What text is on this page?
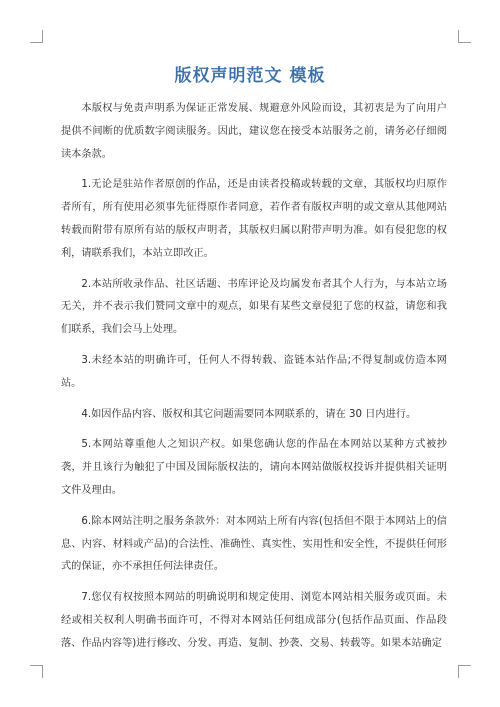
版权声明范文 模板

本版权与免责声明系为保证正常发展、规避意外风险而设，其初衷是为了向用户提供不间断的优质数字阅读服务。因此，建议您在接受本站服务之前，请务必仔细阅读本条款。

1.无论是驻站作者原创的作品，还是由读者投稿或转载的文章，其版权均归原作者所有，所有使用必须事先征得原作者同意，若作者有版权声明的或文章从其他网站转载而附带有原所有站的版权声明者，其版权归属以附带声明为准。如有侵犯您的权利，请联系我们，本站立即改正。

2.本站所收录作品、社区话题、书库评论及均属发布者其个人行为，与本站立场无关，并不表示我们赞同文章中的观点，如果有某些文章侵犯了您的权益，请您和我们联系，我们会马上处理。

3.未经本站的明确许可，任何人不得转载、盗链本站作品;不得复制或仿造本网站。

4.如因作品内容、版权和其它问题需要同本网联系的，请在 30 日内进行。

5.本网站尊重他人之知识产权。如果您确认您的作品在本网站以某种方式被抄袭，并且该行为触犯了中国及国际版权法的，请向本网站做版权投诉并提供相关证明文件及理由。

6.除本网站注明之服务条款外：对本网站上所有内容(包括但不限于本网站上的信息、内容、材料或产品)的合法性、准确性、真实性、实用性和安全性，不提供任何形式的保证，亦不承担任何法律责任。

7.您仅有权按照本网站的明确说明和规定使用、浏览本网站相关服务或页面。未经或相关权利人明确书面许可，不得对本网站任何组成部分(包括作品页面、作品段落、作品内容等)进行修改、分发、再造、复制、抄袭、交易、转载等。如果本站确定
